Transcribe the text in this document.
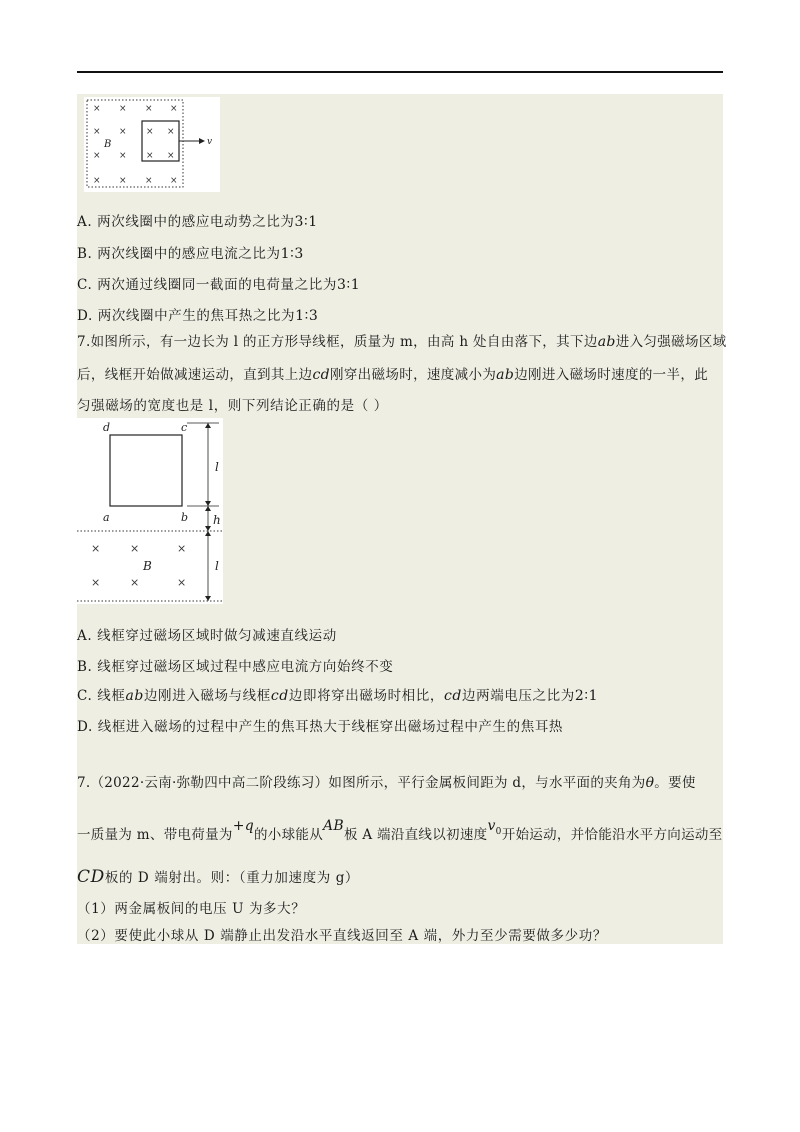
× × × ×
× × × ×
× × × ×
× × × ×
B	v
A. 两次线圈中的感应电动势之比为3∶1
B. 两次线圈中的感应电流之比为1∶3
C. 两次通过线圈同一截面的电荷量之比为3∶1
D. 两次线圈中产生的焦耳热之比为1∶3
7.如图所示，有一边长为 l 的正方形导线框，质量为 m，由高 h 处自由落下，其下边ab进入匀强磁场区域
后，线框开始做减速运动，直到其上边cd刚穿出磁场时，速度减小为ab边刚进入磁场时速度的一半，此
匀强磁场的宽度也是 l，则下列结论正确的是（ ）
d	c
a	b
l
h
l
×	×	×
×	×	×
B
A. 线框穿过磁场区域时做匀减速直线运动
B. 线框穿过磁场区域过程中感应电流方向始终不变
C. 线框ab边刚进入磁场与线框cd边即将穿出磁场时相比，cd边两端电压之比为2∶1
D. 线框进入磁场的过程中产生的焦耳热大于线框穿出磁场过程中产生的焦耳热
7.（2022·云南·弥勒四中高二阶段练习）如图所示，平行金属板间距为 d，与水平面的夹角为θ。要使
一质量为 m、带电荷量为+q的小球能从AB板 A 端沿直线以初速度$v^0$开始运动，并恰能沿水平方向运动至
CD板的 D 端射出。则：（重力加速度为 g）
（1）两金属板间的电压 U 为多大？
（2）要使此小球从 D 端静止出发沿水平直线返回至 A 端，外力至少需要做多少功？
